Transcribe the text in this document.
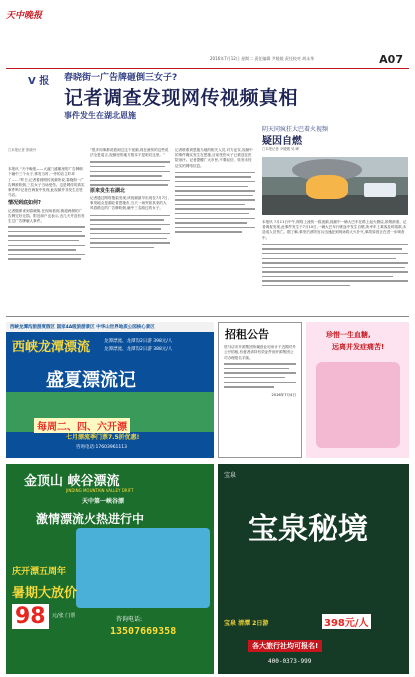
天中晚报
2016年7月12日 星期二 责任编辑 尹媛媛 责任校对 胡永华	A07
V 报 春晓街一广告牌砸倒三女子?
记者调查发现网传视频真相
事件发生在湖北恩施
□本报记者 张晓丹

本报讯 “天中晚报——大渡门盛哪里的广告牌倒下砸中三个女子,事发当时,一旁的店主吓坏了……”昨日,记者看到网传视频所说,春晓街一广告牌被吹倒,三位女子当场受伤。这是网传的真实事件吗?记者在调查中发现,此视频并非发生在驻马店。

情况到底如何?

记者随即来到春晓街,在现场看到,街道两侧的广告牌完好无损。附近商户也表示,近几天并没有发生过广告牌砸人事件。

“很多同事都说看到过这个视频,现在流传的这些说法全是谣言,视频里的地方根本不是咱们这里。”

原来发生在湖北

记者通过网络搜索发现,该视频最早出现在7月7日,事发地点是湖北省恩施市,当天一场突如其来的大风将路边的广告牌吹倒,砸中三名路过的女子。

记者联系到恩施当地的相关人员,对方证实,视频中的事件确实发生在恩施,目前受伤女子已被送往医院治疗。记者提醒广大市民,不要轻信、转发未经证实的网络信息。

阴天同疯狂大巴着火视频
疑因自燃
□本报记者 尹媛媛 吴 峰

本报讯 7月11日中午,网络上流传一段视频,视频中一辆大巴车在路上起火燃烧,浓烟滚滚。记者调查发现,此事件发生于7月10日,一辆大巴车行驶途中发生自燃,所幸车上乘客及时疏散,未造成人员伤亡。据了解,事发后消防官兵迅速赶到现场将大火扑灭,事故原因正在进一步调查中。

西峡龙潭沟旅游度假区 国家4A级旅游景区 中华山世界地质公园核心景区
西峡龙潭漂流	龙潭漂流、龙潭沟2日游 398元/人
龙潭漂流、龙潭沟2日游 388元/人
盛夏漂流记
每周二、四、六开漂
七月漂流季门票7.5折优惠!
咨询电话:17603961113
招租公告

驻马店市开源集团所属营业用房计于近期对外公开招租,有意者请持有效证件到开源集团公司办理报名手续。

2016年7月4日
珍惜一生血糖,
远离并发症痛苦!
金顶山 峡谷漂流
JINDING MOUNTAIN VALLEY DRIFT
天中第一峡谷漂
激情漂流火热进行中
庆开漂五周年
暑期大放价
98	元/张 门票	咨询电话:
13507669358
宝泉
宝泉秘境
宝泉 清潭 2日游	398元/人
各大旅行社均可报名!
400-0373-999
